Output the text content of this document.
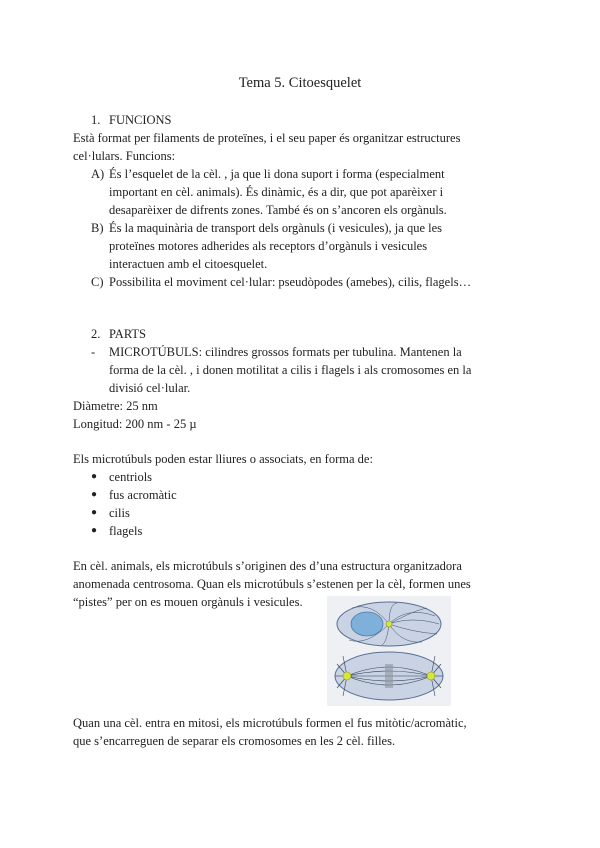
Tema 5. Citoesquelet
1. FUNCIONS
Està format per filaments de proteïnes, i el seu paper és organitzar estructures
cel·lulars. Funcions:
A) És l’esquelet de la cèl. , ja que li dona suport i forma (especialment
important en cèl. animals). És dinàmic, és a dir, que pot aparèixer i
desaparèixer de difrents zones. També és on s’ancoren els orgànuls.
B) És la maquinària de transport dels orgànuls (i vesicules), ja que les
proteïnes motores adherides als receptors d’orgànuls i vesicules
interactuen amb el citoesquelet.
C) Possibilita el moviment cel·lular: pseudòpodes (amebes), cilis, flagels…
2. PARTS
- MICROTÚBULS: cilindres grossos formats per tubulina. Mantenen la
forma de la cèl. , i donen motilitat a cilis i flagels i als cromosomes en la
divisió cel·lular.
Diàmetre: 25 nm
Longitud: 200 nm - 25 µ
Els microtúbuls poden estar lliures o associats, en forma de:
● centriols
● fus acromàtic
● cilis
● flagels
En cèl. animals, els microtúbuls s’originen des d’una estructura organitzadora
anomenada centrosoma. Quan els microtúbuls s’estenen per la cèl, formen unes
“pistes” per on es mouen orgànuls i vesicules.
Quan una cèl. entra en mitosi, els microtúbuls formen el fus mitòtic/acromàtic,
que s’encarreguen de separar els cromosomes en les 2 cèl. filles.
